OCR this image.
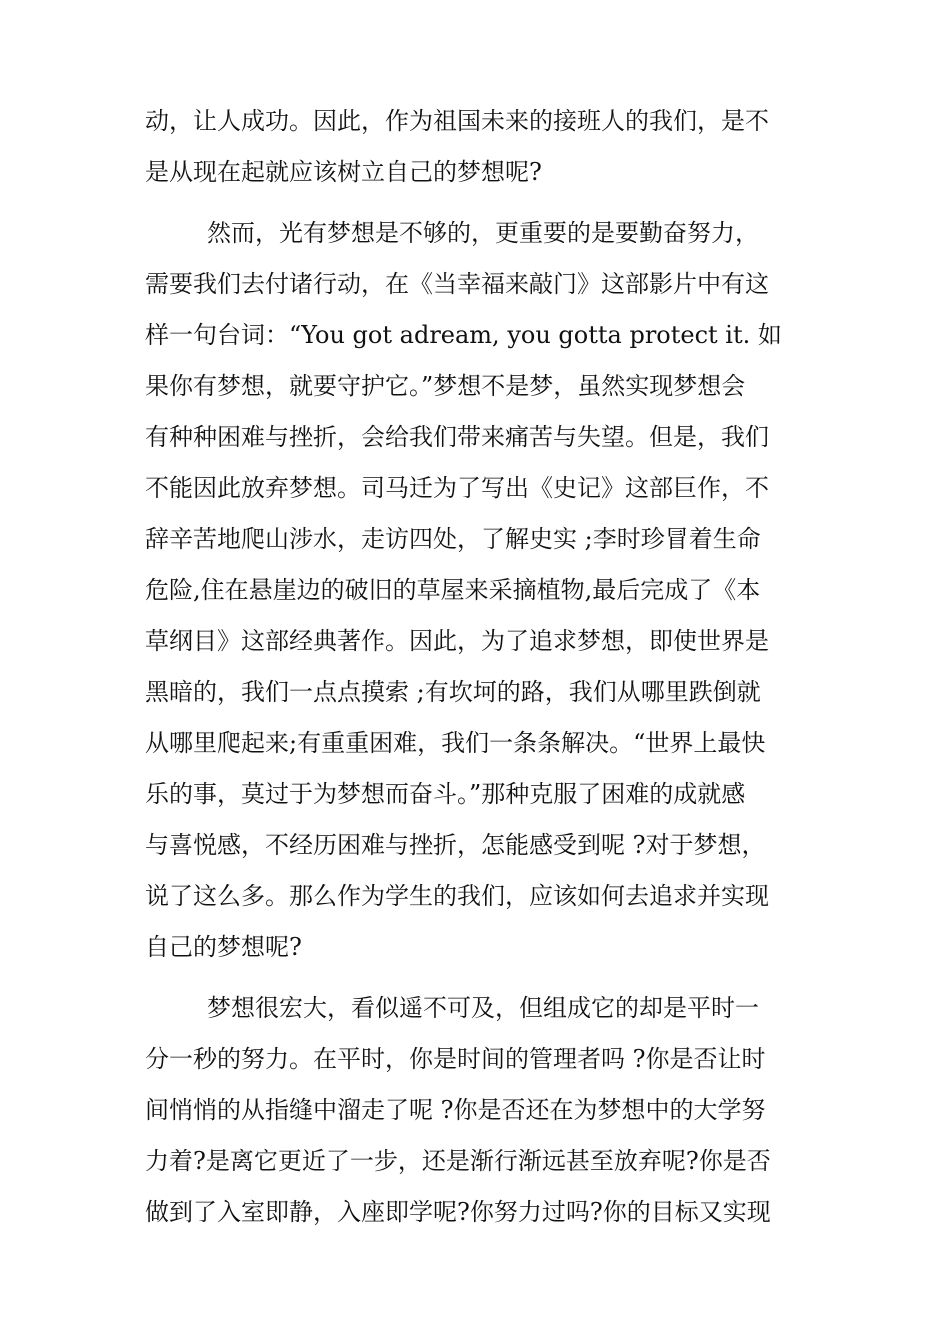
动，让人成功。因此，作为祖国未来的接班人的我们，是不
是从现在起就应该树立自己的梦想呢?
然而，光有梦想是不够的，更重要的是要勤奋努力，
需要我们去付诸行动，在《当幸福来敲门》这部影片中有这
样一句台词：“You got adream, you gotta protect it. 如
果你有梦想，就要守护它。”梦想不是梦，虽然实现梦想会
有种种困难与挫折，会给我们带来痛苦与失望。但是，我们
不能因此放弃梦想。司马迁为了写出《史记》这部巨作，不
辞辛苦地爬山涉水，走访四处，了解史实 ;李时珍冒着生命
危险,住在悬崖边的破旧的草屋来采摘植物,最后完成了《本
草纲目》这部经典著作。因此，为了追求梦想，即使世界是
黑暗的，我们一点点摸索 ;有坎坷的路，我们从哪里跌倒就
从哪里爬起来;有重重困难，我们一条条解决。“世界上最快
乐的事，莫过于为梦想而奋斗。”那种克服了困难的成就感
与喜悦感，不经历困难与挫折，怎能感受到呢 ?对于梦想，
说了这么多。那么作为学生的我们，应该如何去追求并实现
自己的梦想呢?
梦想很宏大，看似遥不可及，但组成它的却是平时一
分一秒的努力。在平时，你是时间的管理者吗 ?你是否让时
间悄悄的从指缝中溜走了呢 ?你是否还在为梦想中的大学努
力着?是离它更近了一步，还是渐行渐远甚至放弃呢?你是否
做到了入室即静，入座即学呢?你努力过吗?你的目标又实现
